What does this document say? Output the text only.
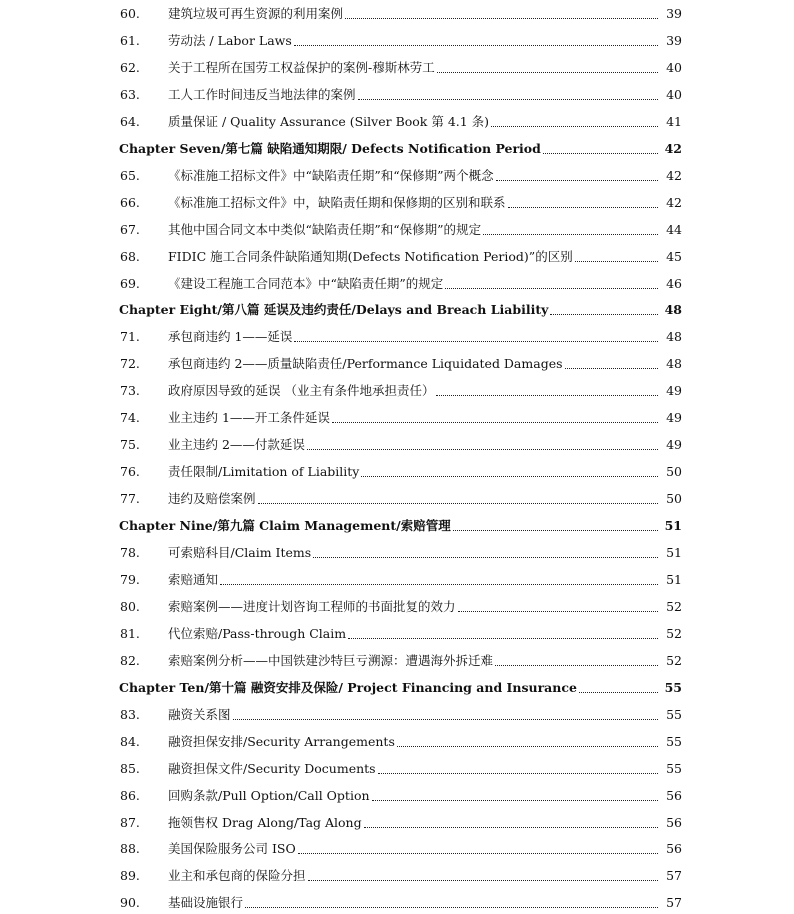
60. 建筑垃圾可再生资源的利用案例	39
61. 劳动法 / Labor Laws	39
62. 关于工程所在国劳工权益保护的案例-穆斯林劳工	40
63. 工人工作时间违反当地法律的案例	40
64. 质量保证 / Quality Assurance (Silver Book 第 4.1 条)	41
Chapter Seven/第七篇 缺陷通知期限/ Defects Notification Period	42
65. 《标准施工招标文件》中“缺陷责任期”和“保修期”两个概念	42
66. 《标准施工招标文件》中，缺陷责任期和保修期的区别和联系	42
67. 其他中国合同文本中类似“缺陷责任期”和“保修期”的规定	44
68. FIDIC 施工合同条件缺陷通知期(Defects Notification Period)”的区别	45
69. 《建设工程施工合同范本》中“缺陷责任期”的规定	46
Chapter Eight/第八篇 延误及违约责任/Delays and Breach Liability	48
71. 承包商违约 1——延误	48
72. 承包商违约 2——质量缺陷责任/Performance Liquidated Damages	48
73. 政府原因导致的延误 （业主有条件地承担责任）	49
74. 业主违约 1——开工条件延误	49
75. 业主违约 2——付款延误	49
76. 责任限制/Limitation of Liability	50
77. 违约及赔偿案例	50
Chapter Nine/第九篇 Claim Management/索赔管理	51
78. 可索赔科目/Claim Items	51
79. 索赔通知	51
80. 索赔案例——进度计划咨询工程师的书面批复的效力	52
81. 代位索赔/Pass-through Claim	52
82. 索赔案例分析——中国铁建沙特巨亏溯源：遭遇海外拆迁难	52
Chapter Ten/第十篇 融资安排及保险/ Project Financing and Insurance	55
83. 融资关系图	55
84. 融资担保安排/Security Arrangements	55
85. 融资担保文件/Security Documents	55
86. 回购条款/Pull Option/Call Option	56
87. 拖领售权 Drag Along/Tag Along	56
88. 美国保险服务公司 ISO	56
89. 业主和承包商的保险分担	57
90. 基础设施银行	57
